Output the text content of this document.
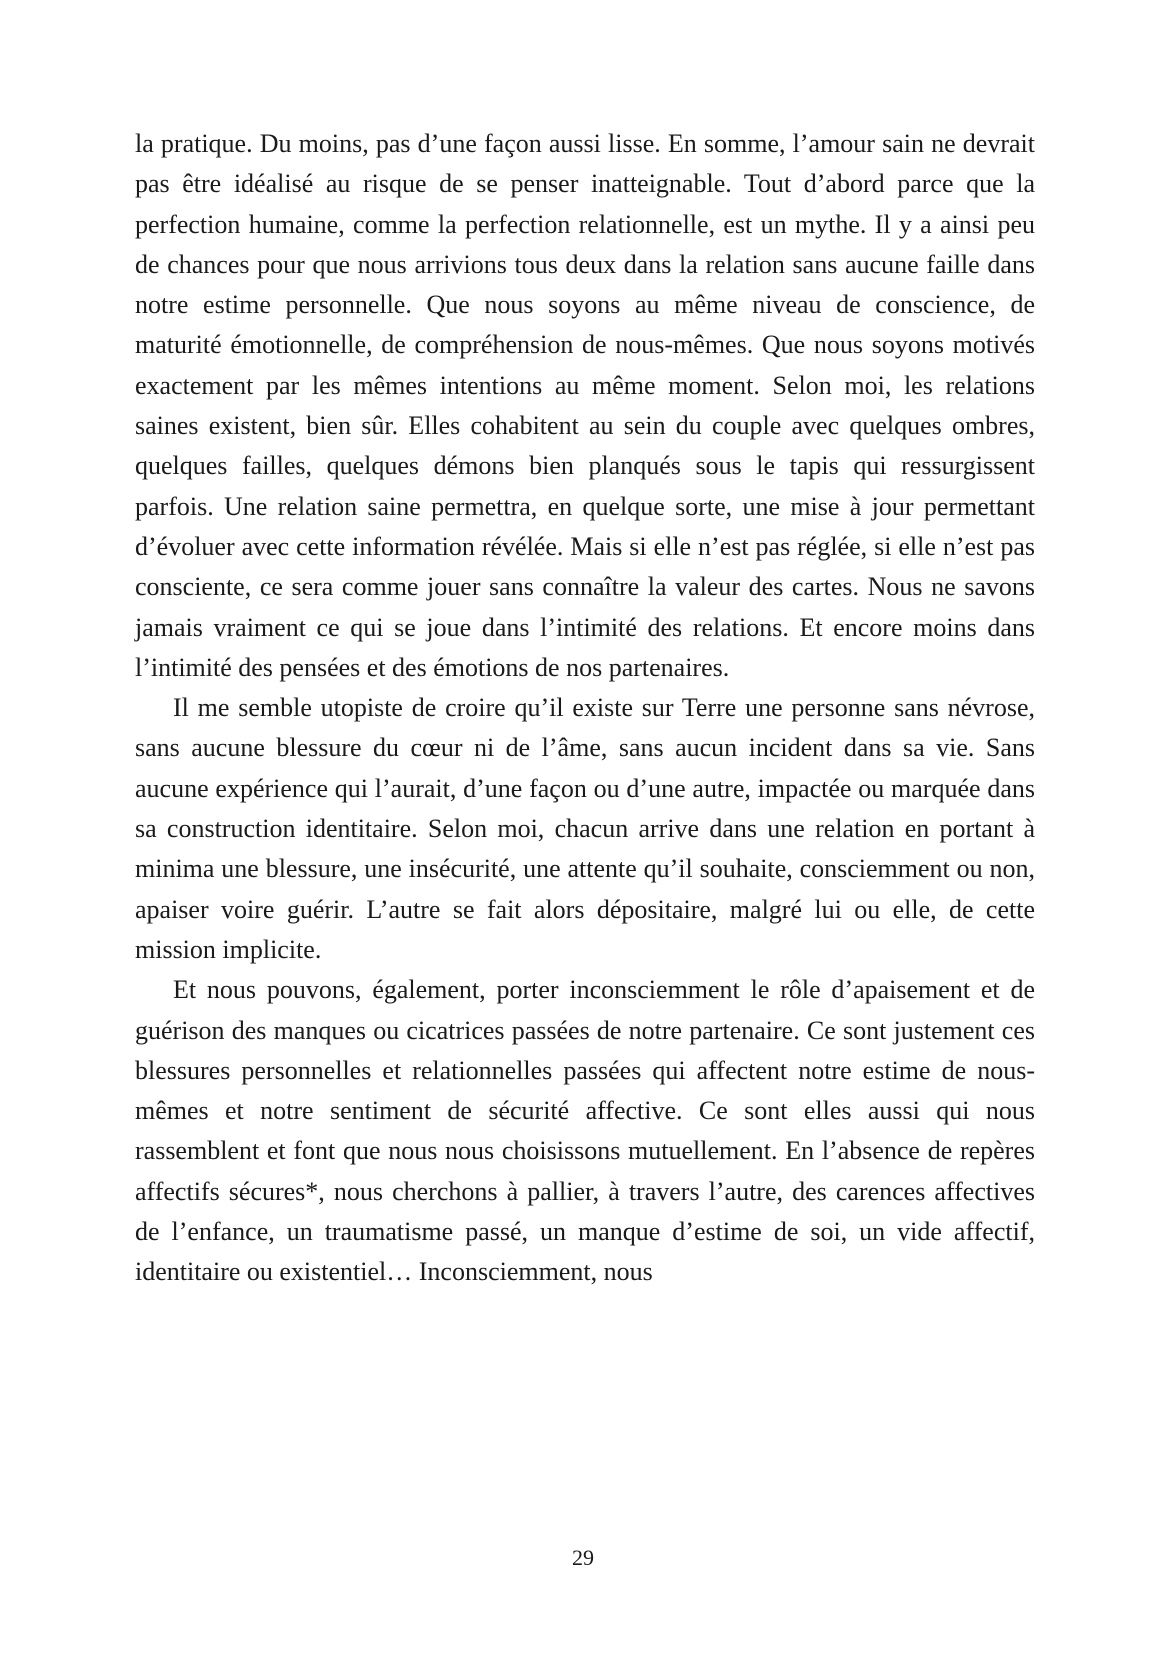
la pratique. Du moins, pas d’une façon aussi lisse. En somme, l’amour sain ne devrait pas être idéalisé au risque de se penser inatteignable. Tout d’abord parce que la perfection humaine, comme la perfection relationnelle, est un mythe. Il y a ainsi peu de chances pour que nous arrivions tous deux dans la relation sans aucune faille dans notre estime personnelle. Que nous soyons au même niveau de conscience, de maturité émotionnelle, de compréhension de nous-mêmes. Que nous soyons motivés exactement par les mêmes intentions au même moment. Selon moi, les relations saines existent, bien sûr. Elles cohabitent au sein du couple avec quelques ombres, quelques failles, quelques démons bien planqués sous le tapis qui ressurgissent parfois. Une relation saine permettra, en quelque sorte, une mise à jour permettant d’évoluer avec cette information révélée. Mais si elle n’est pas réglée, si elle n’est pas consciente, ce sera comme jouer sans connaître la valeur des cartes. Nous ne savons jamais vraiment ce qui se joue dans l’intimité des relations. Et encore moins dans l’intimité des pensées et des émotions de nos partenaires.

Il me semble utopiste de croire qu’il existe sur Terre une personne sans névrose, sans aucune blessure du cœur ni de l’âme, sans aucun incident dans sa vie. Sans aucune expérience qui l’aurait, d’une façon ou d’une autre, impactée ou marquée dans sa construction identitaire. Selon moi, chacun arrive dans une relation en portant à minima une blessure, une insécurité, une attente qu’il souhaite, consciemment ou non, apaiser voire guérir. L’autre se fait alors dépositaire, malgré lui ou elle, de cette mission implicite.

Et nous pouvons, également, porter inconsciemment le rôle d’apaisement et de guérison des manques ou cicatrices passées de notre partenaire. Ce sont justement ces blessures personnelles et relationnelles passées qui affectent notre estime de nous-mêmes et notre sentiment de sécurité affective. Ce sont elles aussi qui nous rassemblent et font que nous nous choisissons mutuellement. En l’absence de repères affectifs sécures*, nous cherchons à pallier, à travers l’autre, des carences affectives de l’enfance, un traumatisme passé, un manque d’estime de soi, un vide affectif, identitaire ou existentiel… Inconsciemment, nous

29
